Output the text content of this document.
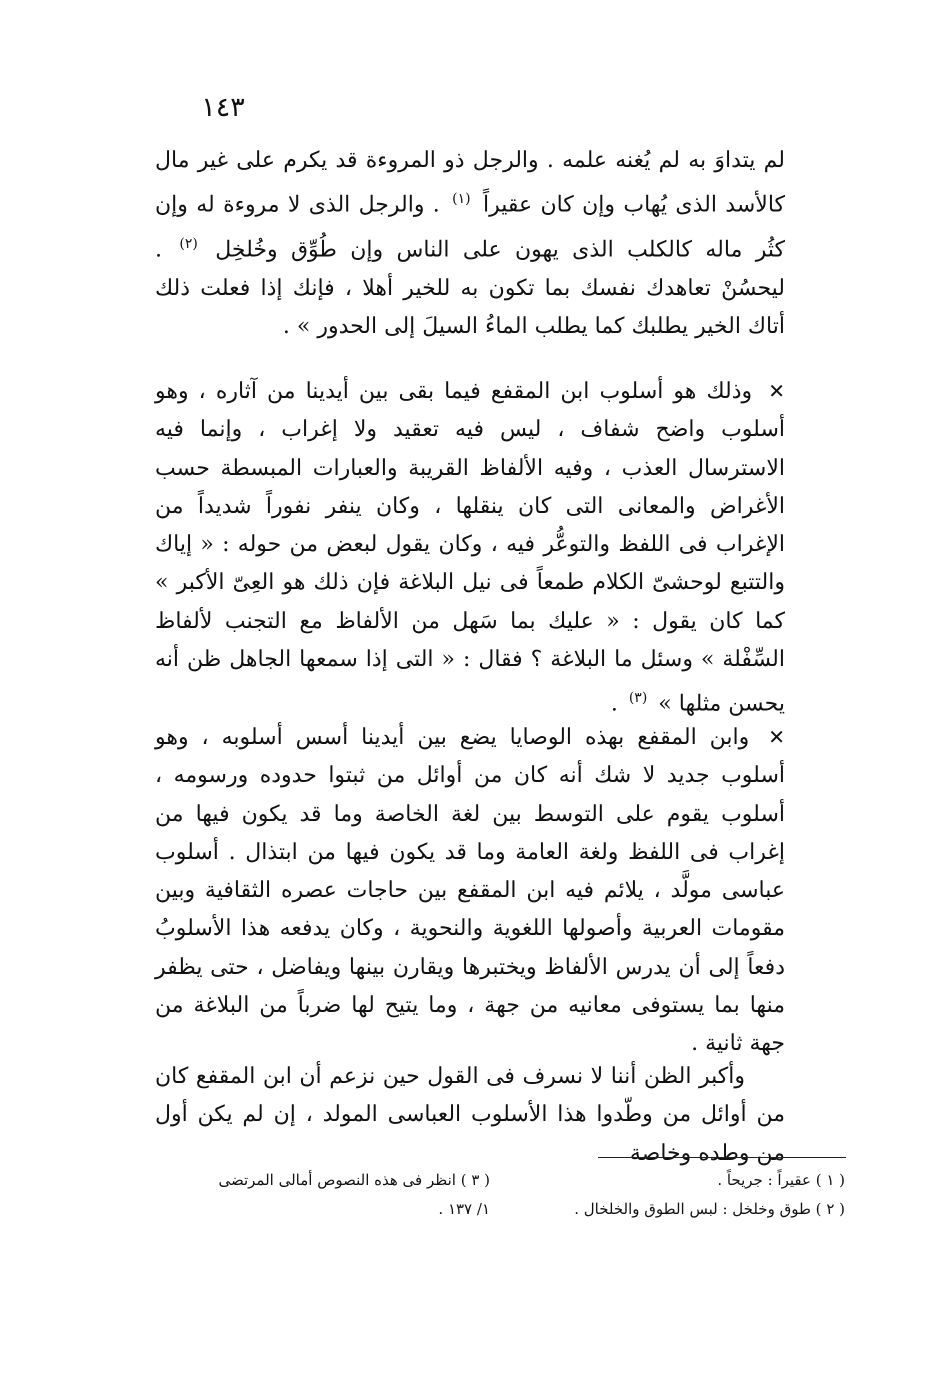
١٤٣

لم يتداوَ به لم يُغنه علمه . والرجل ذو المروءة قد يكرم على غير مال كالأسد الذى يُهاب وإن كان عقيراً $^{(١)}$ . والرجل الذى لا مروءة له وإن كثُر ماله كالكلب الذى يهون على الناس وإن طُوِّق وخُلخِل $^{(٢)}$ . ليحسُنْ تعاهدك نفسك بما تكون به للخير أهلا ، فإنك إذا فعلت ذلك أتاك الخير يطلبك كما يطلب الماءُ السيلَ إلى الحدور » .

✕ وذلك هو أسلوب ابن المقفع فيما بقى بين أيدينا من آثاره ، وهو أسلوب واضح شفاف ، ليس فيه تعقيد ولا إغراب ، وإنما فيه الاسترسال العذب ، وفيه الألفاظ القريبة والعبارات المبسطة حسب الأغراض والمعانى التى كان ينقلها ، وكان ينفر نفوراً شديداً من الإغراب فى اللفظ والتوعُّر فيه ، وكان يقول لبعض من حوله : « إياك والتتبع لوحشىّ الكلام طمعاً فى نيل البلاغة فإن ذلك هو العِىّ الأكبر » كما كان يقول : « عليك بما سَهل من الألفاظ مع التجنب لألفاظ السِّفْلة » وسئل ما البلاغة ؟ فقال : « التى إذا سمعها الجاهل ظن أنه يحسن مثلها » $^{(٣)}$ .

✕ وابن المقفع بهذه الوصايا يضع بين أيدينا أسس أسلوبه ، وهو أسلوب جديد لا شك أنه كان من أوائل من ثبتوا حدوده ورسومه ، أسلوب يقوم على التوسط بين لغة الخاصة وما قد يكون فيها من إغراب فى اللفظ ولغة العامة وما قد يكون فيها من ابتذال . أسلوب عباسى مولَّد ، يلائم فيه ابن المقفع بين حاجات عصره الثقافية وبين مقومات العربية وأصولها اللغوية والنحوية ، وكان يدفعه هذا الأسلوبُ دفعاً إلى أن يدرس الألفاظ ويختبرها ويقارن بينها ويفاضل ، حتى يظفر منها بما يستوفى معانيه من جهة ، وما يتيح لها ضرباً من البلاغة من جهة ثانية .

وأكبر الظن أننا لا نسرف فى القول حين نزعم أن ابن المقفع كان من أوائل من وطّدوا هذا الأسلوب العباسى المولد ، إن لم يكن أول من وطده وخاصة

( ١ ) عقيراً : جريحاً .
( ٢ ) طوق وخلخل : لبس الطوق والخلخال .
( ٣ ) انظر فى هذه النصوص أمالى المرتضى
١/ ١٣٧ .
